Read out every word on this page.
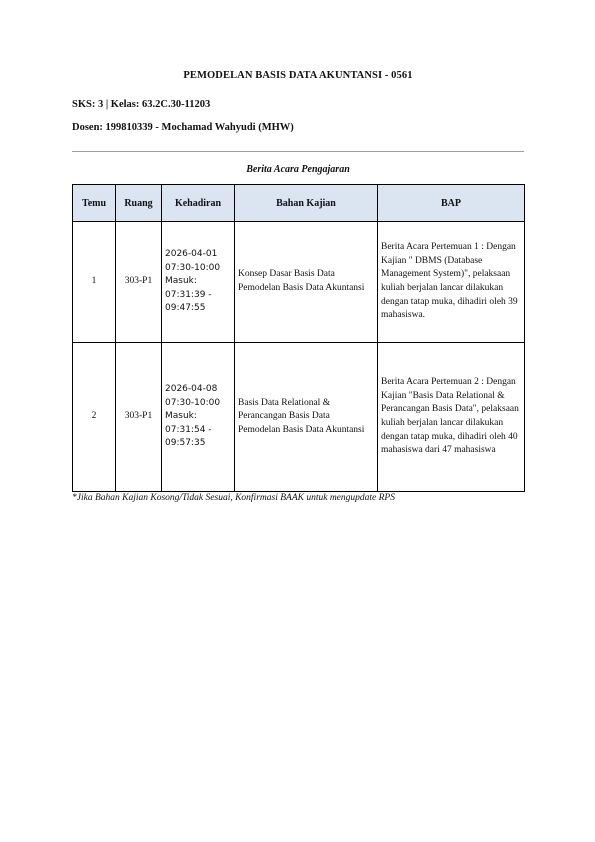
PEMODELAN BASIS DATA AKUNTANSI - 0561
SKS: 3 | Kelas: 63.2C.30-11203
Dosen: 199810339 - Mochamad Wahyudi (MHW)
Berita Acara Pengajaran
Temu	Ruang	Kehadiran	Bahan Kajian	BAP
1	303-P1	2026-04-01
07:30-10:00
Masuk:
07:31:39 -
09:47:55	Konsep Dasar Basis Data Pemodelan Basis Data Akuntansi	Berita Acara Pertemuan 1 : Dengan Kajian " DBMS (Database Management System)", pelaksaan kuliah berjalan lancar dilakukan dengan tatap muka, dihadiri oleh 39 mahasiswa.
2	303-P1	2026-04-08
07:30-10:00
Masuk:
07:31:54 -
09:57:35	Basis Data Relational & Perancangan Basis Data Pemodelan Basis Data Akuntansi	Berita Acara Pertemuan 2 : Dengan Kajian "Basis Data Relational & Perancangan Basis Data", pelaksaan kuliah berjalan lancar dilakukan dengan tatap muka, dihadiri oleh 40 mahasiswa dari 47 mahasiswa
*Jika Bahan Kajian Kosong/Tidak Sesuai, Konfirmasi BAAK untuk mengupdate RPS
